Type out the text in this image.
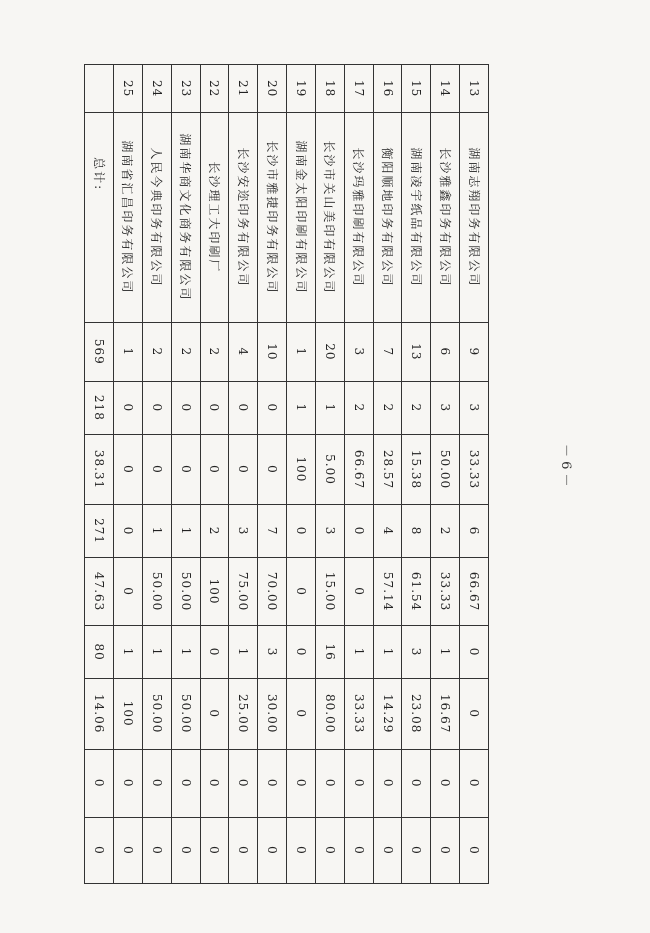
13	湖南志翔印务有限公司	9	3	33.33	6	66.67	0	0	0	0
14	长沙雅鑫印务有限公司	6	3	50.00	2	33.33	1	16.67	0	0
15	湖南凌宇纸品有限公司	13	2	15.38	8	61.54	3	23.08	0	0
16	衡阳顺地印务有限公司	7	2	28.57	4	57.14	1	14.29	0	0
17	长沙玛雅印刷有限公司	3	2	66.67	0	0	1	33.33	0	0
18	长沙市关山美印有限公司	20	1	5.00	3	15.00	16	80.00	0	0
19	湖南金太阳印刷有限公司	1	1	100	0	0	0	0	0	0
20	长沙市雅捷印务有限公司	10	0	0	7	70.00	3	30.00	0	0
21	长沙安迩印务有限公司	4	0	0	3	75.00	1	25.00	0	0
22	长沙理工大印刷厂	2	0	0	2	100	0	0	0	0
23	湖南华商文化商务有限公司	2	0	0	1	50.00	1	50.00	0	0
24	人民今典印务有限公司	2	0	0	1	50.00	1	50.00	0	0
25	湖南省汇昌印务有限公司	1	0	0	0	0	1	100	0	0
	总计:	569	218	38.31	271	47.63	80	14.06	0	0
－ 6 －
